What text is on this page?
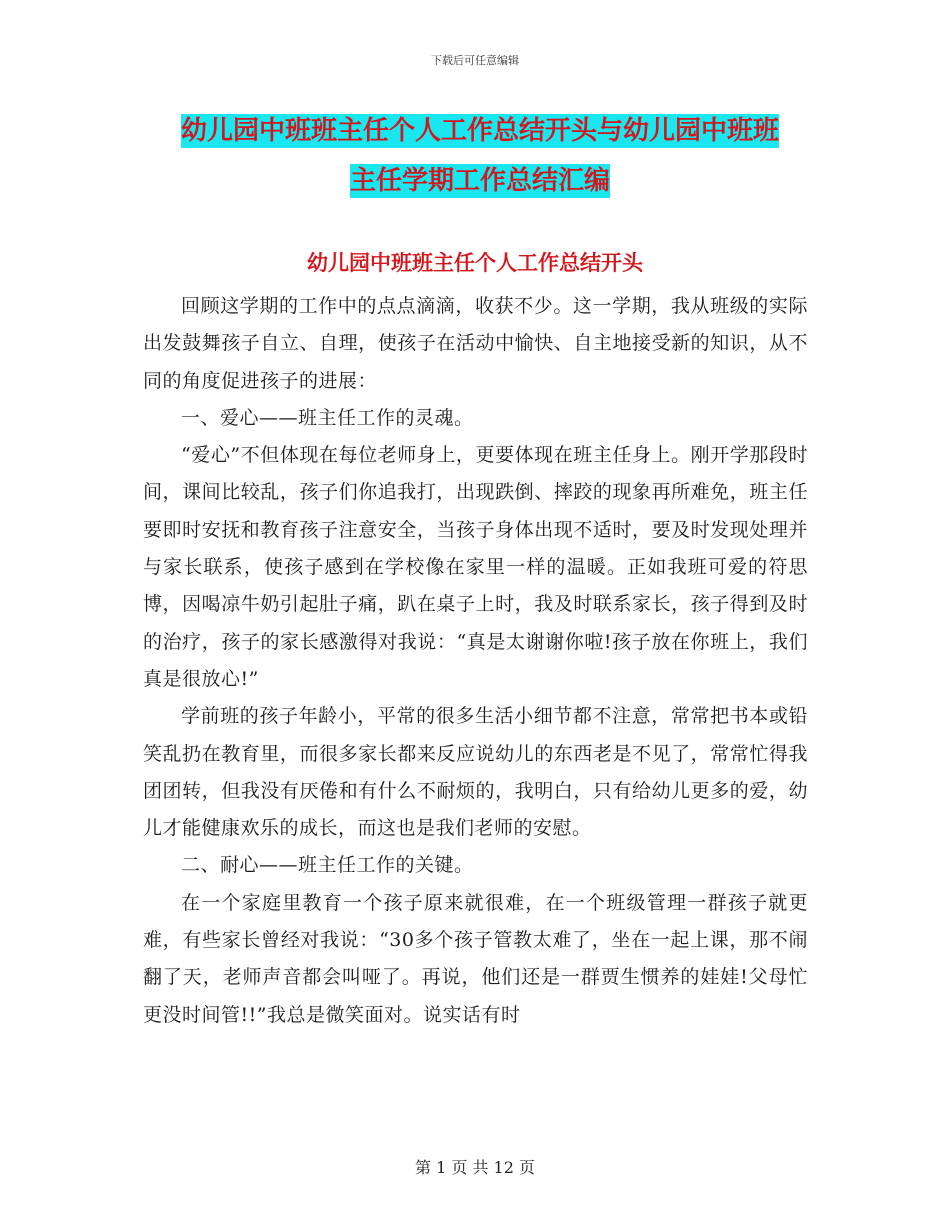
下载后可任意编辑
幼儿园中班班主任个人工作总结开头与幼儿园中班班
主任学期工作总结汇编
幼儿园中班班主任个人工作总结开头

回顾这学期的工作中的点点滴滴，收获不少。这一学期，我从班级的实际出发鼓舞孩子自立、自理，使孩子在活动中愉快、自主地接受新的知识，从不同的角度促进孩子的进展：

一、爱心——班主任工作的灵魂。

“爱心”不但体现在每位老师身上，更要体现在班主任身上。刚开学那段时间，课间比较乱，孩子们你追我打，出现跌倒、摔跤的现象再所难免，班主任要即时安抚和教育孩子注意安全，当孩子身体出现不适时，要及时发现处理并与家长联系，使孩子感到在学校像在家里一样的温暖。正如我班可爱的符思博，因喝凉牛奶引起肚子痛，趴在桌子上时，我及时联系家长，孩子得到及时的治疗，孩子的家长感激得对我说：“真是太谢谢你啦!孩子放在你班上，我们真是很放心!”

学前班的孩子年龄小，平常的很多生活小细节都不注意，常常把书本或铅笑乱扔在教育里，而很多家长都来反应说幼儿的东西老是不见了，常常忙得我团团转，但我没有厌倦和有什么不耐烦的，我明白，只有给幼儿更多的爱，幼儿才能健康欢乐的成长，而这也是我们老师的安慰。

二、耐心——班主任工作的关键。

在一个家庭里教育一个孩子原来就很难，在一个班级管理一群孩子就更难，有些家长曾经对我说：“30多个孩子管教太难了，坐在一起上课，那不闹翻了天，老师声音都会叫哑了。再说，他们还是一群贾生惯养的娃娃!父母忙更没时间管!!”我总是微笑面对。说实话有时

第 1 页 共 12 页
